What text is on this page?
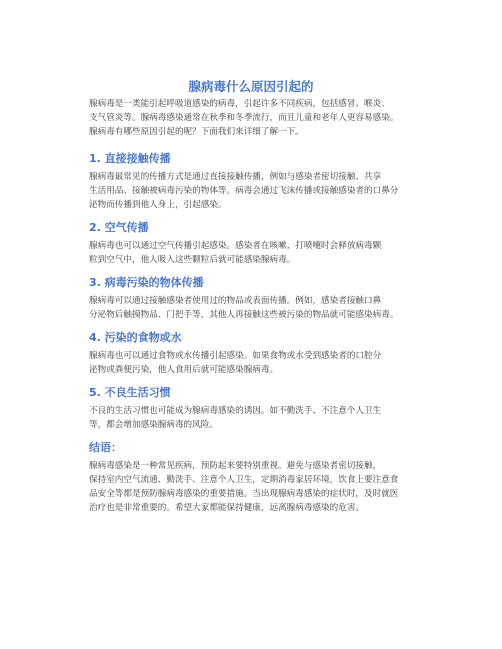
腺病毒什么原因引起的
腺病毒是一类能引起呼吸道感染的病毒，引起许多不同疾病，包括感冒、喉炎、
支气管炎等。腺病毒感染通常在秋季和冬季流行，而且儿童和老年人更容易感染。
腺病毒有哪些原因引起的呢？下面我们来详细了解一下。
1. 直接接触传播
腺病毒最常见的传播方式是通过直接接触传播，例如与感染者密切接触、共享
生活用品、接触被病毒污染的物体等。病毒会通过飞沫传播或接触感染者的口鼻分
泌物而传播到他人身上，引起感染。
2. 空气传播
腺病毒也可以通过空气传播引起感染。感染者在咳嗽、打喷嚏时会释放病毒颗
粒到空气中，他人吸入这些颗粒后就可能感染腺病毒。
3. 病毒污染的物体传播
腺病毒可以通过接触感染者使用过的物品或表面传播。例如，感染者接触口鼻
分泌物后触摸物品、门把手等，其他人再接触这些被污染的物品就可能感染病毒。
4. 污染的食物或水
腺病毒也可以通过食物或水传播引起感染。如果食物或水受到感染者的口腔分
泌物或粪便污染，他人食用后就可能感染腺病毒。
5. 不良生活习惯
不良的生活习惯也可能成为腺病毒感染的诱因。如不勤洗手、不注意个人卫生
等，都会增加感染腺病毒的风险。
结语：
腺病毒感染是一种常见疾病，预防起来要特别重视。避免与感染者密切接触，
保持室内空气流通、勤洗手、注意个人卫生，定期消毒家居环境，饮食上要注意食
品安全等都是预防腺病毒感染的重要措施。当出现腺病毒感染的症状时，及时就医
治疗也是非常重要的。希望大家都能保持健康，远离腺病毒感染的危害。
